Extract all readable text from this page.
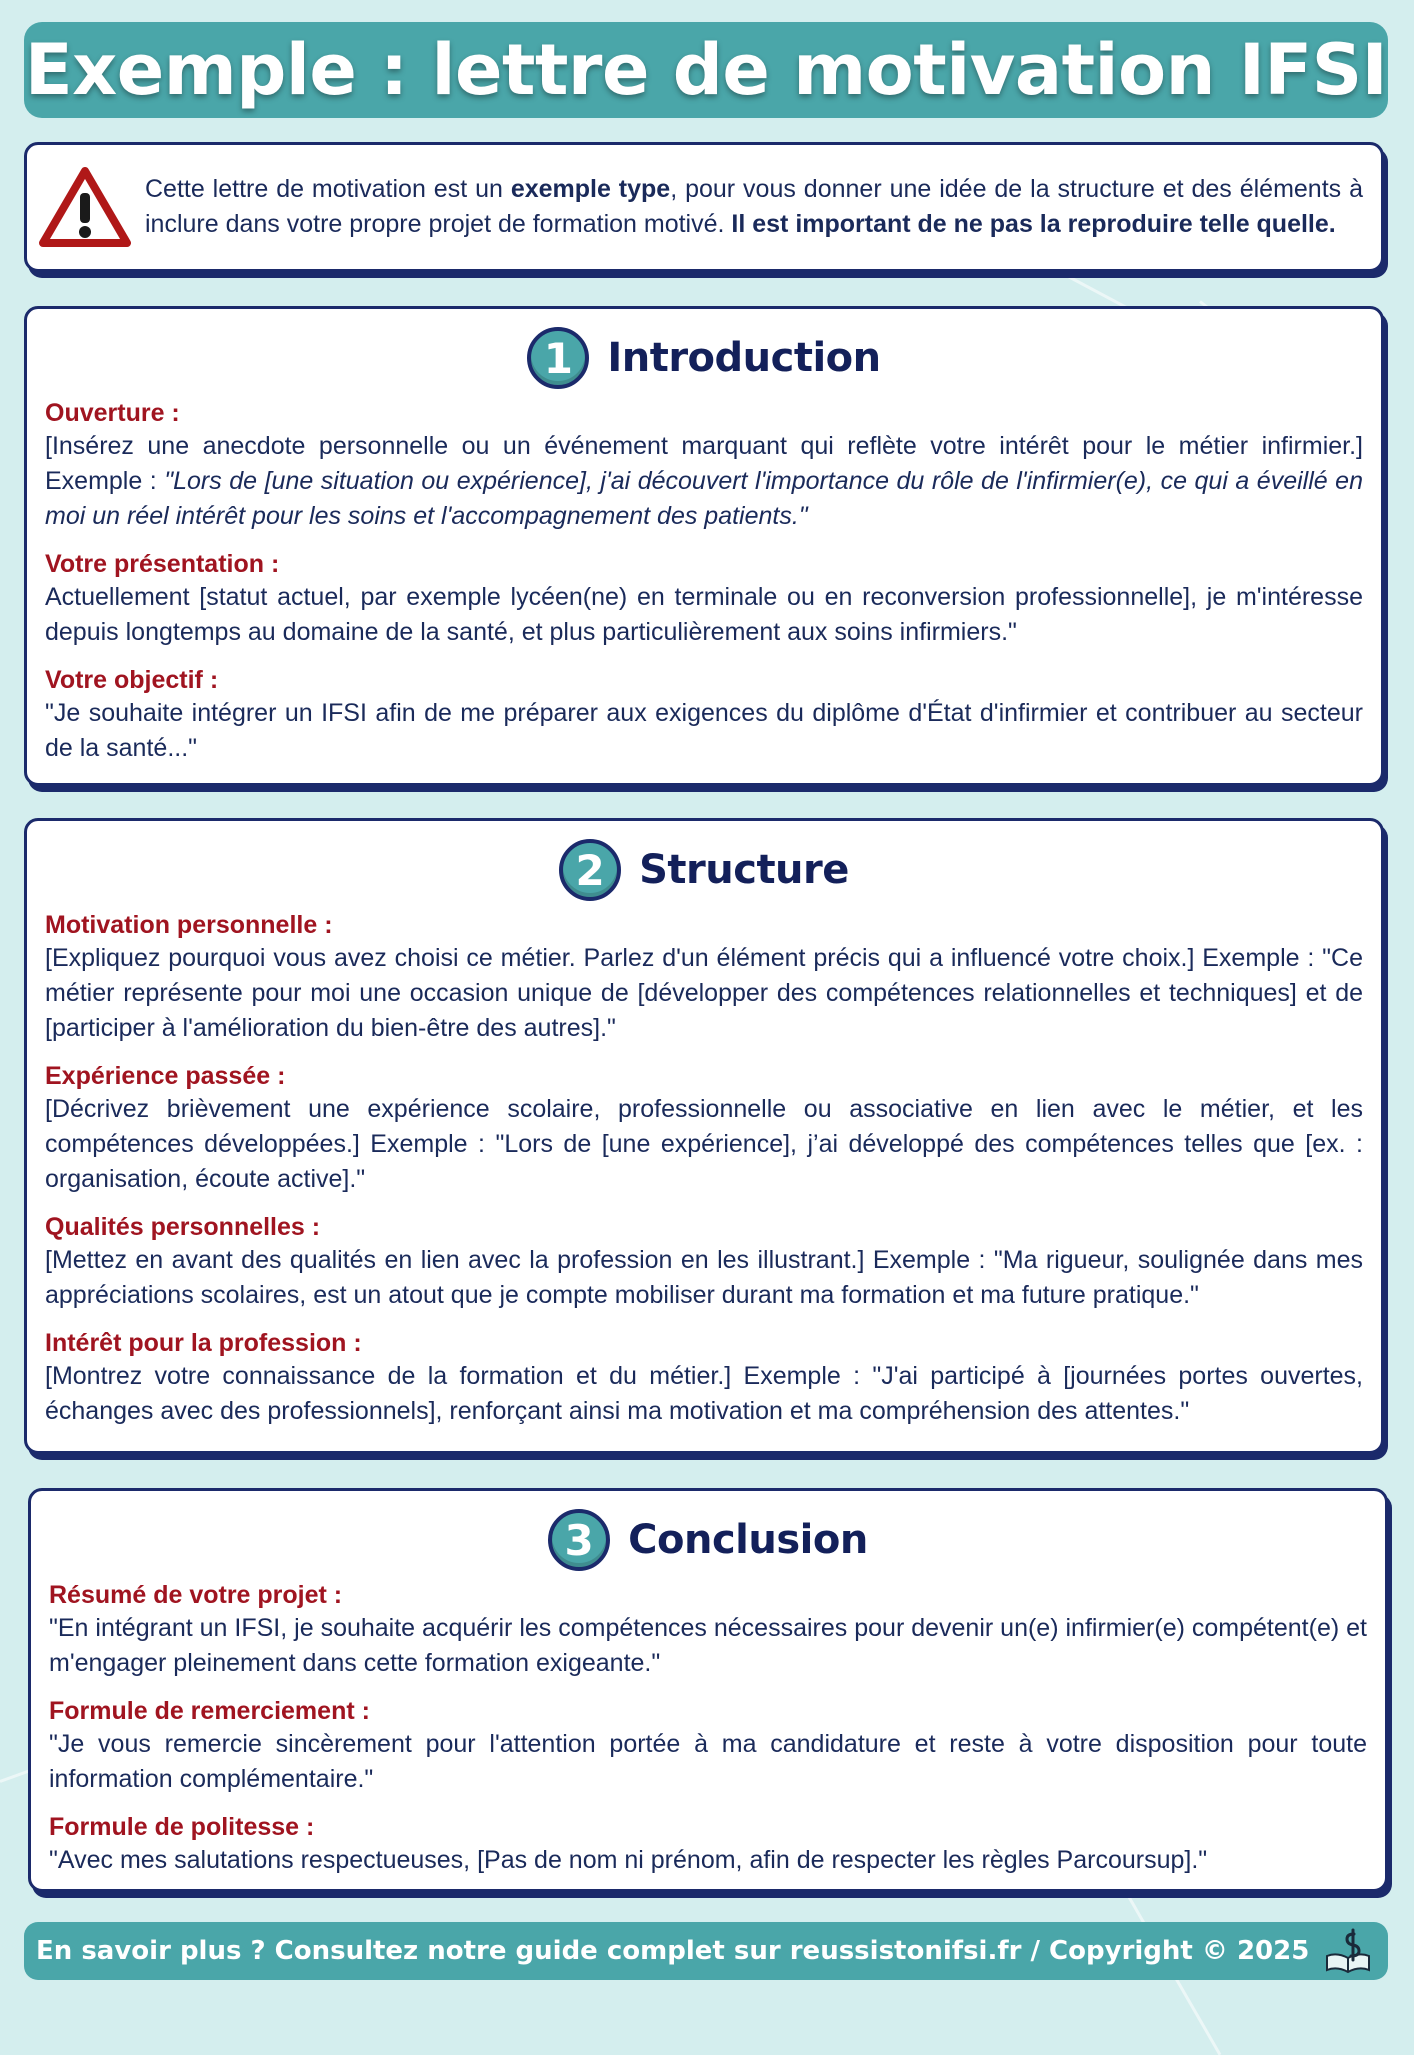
Exemple : lettre de motivation IFSI
Cette lettre de motivation est un exemple type, pour vous donner une idée de la structure et des éléments à inclure dans votre propre projet de formation motivé. Il est important de ne pas la reproduire telle quelle.
1 Introduction
Ouverture :
[Insérez une anecdote personnelle ou un événement marquant qui reflète votre intérêt pour le métier infirmier.] Exemple : "Lors de [une situation ou expérience], j'ai découvert l'importance du rôle de l'infirmier(e), ce qui a éveillé en moi un réel intérêt pour les soins et l'accompagnement des patients."
Votre présentation :
Actuellement [statut actuel, par exemple lycéen(ne) en terminale ou en reconversion professionnelle], je m'intéresse depuis longtemps au domaine de la santé, et plus particulièrement aux soins infirmiers."
Votre objectif :
"Je souhaite intégrer un IFSI afin de me préparer aux exigences du diplôme d'État d'infirmier et contribuer au secteur de la santé..."
2 Structure
Motivation personnelle :
[Expliquez pourquoi vous avez choisi ce métier. Parlez d'un élément précis qui a influencé votre choix.] Exemple : "Ce métier représente pour moi une occasion unique de [développer des compétences relationnelles et techniques] et de [participer à l'amélioration du bien-être des autres]."
Expérience passée :
[Décrivez brièvement une expérience scolaire, professionnelle ou associative en lien avec le métier, et les compétences développées.] Exemple : "Lors de [une expérience], j’ai développé des compétences telles que [ex. : organisation, écoute active]."
Qualités personnelles :
[Mettez en avant des qualités en lien avec la profession en les illustrant.] Exemple : "Ma rigueur, soulignée dans mes appréciations scolaires, est un atout que je compte mobiliser durant ma formation et ma future pratique."
Intérêt pour la profession :
[Montrez votre connaissance de la formation et du métier.] Exemple : "J'ai participé à [journées portes ouvertes, échanges avec des professionnels], renforçant ainsi ma motivation et ma compréhension des attentes."
3 Conclusion
Résumé de votre projet :
"En intégrant un IFSI, je souhaite acquérir les compétences nécessaires pour devenir un(e) infirmier(e) compétent(e) et m'engager pleinement dans cette formation exigeante."
Formule de remerciement :
"Je vous remercie sincèrement pour l'attention portée à ma candidature et reste à votre disposition pour toute information complémentaire."
Formule de politesse :
"Avec mes salutations respectueuses, [Pas de nom ni prénom, afin de respecter les règles Parcoursup]."
En savoir plus ? Consultez notre guide complet sur reussistonifsi.fr / Copyright © 2025
